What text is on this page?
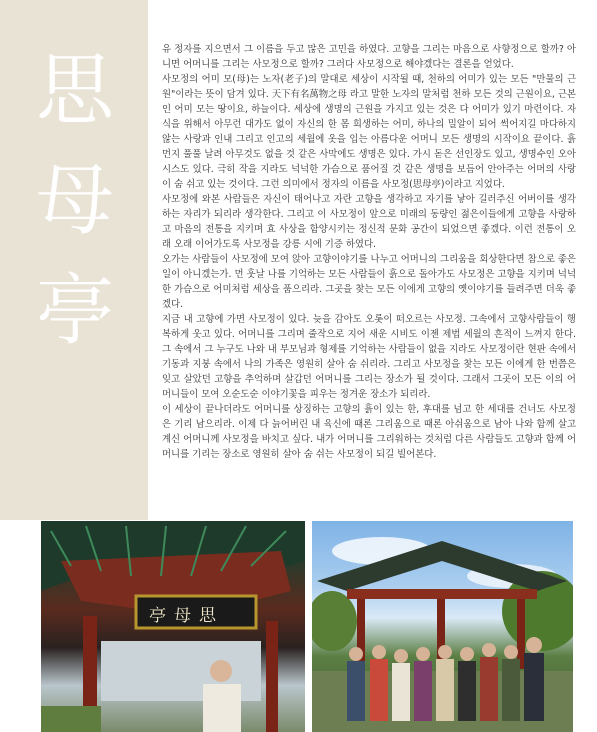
思
母
亭

유 정자를 지으면서 그 이름을 두고 많은 고민을 하였다. 고향을 그리는 마음으로 사향정으로 할까? 아니면 어머니를 그리는 사모정으로 할까? 그러다 사모정으로 해야겠다는 결론을 얻었다.

사모정의 어미 모(母)는 노자(老子)의 말대로 세상이 시작될 때, 천하의 어미가 있는 모든 "만물의 근원"이라는 뜻이 담겨 있다. 天下有名萬物之母 라고 말한 노자의 말처럼 천하 모든 것의 근원이요, 근본인 어미 모는 땅이요, 하늘이다. 세상에 생명의 근원을 가지고 있는 것은 다 어미가 있기 마련이다. 자식을 위해서 아무런 대가도 없이 자신의 한 몸 희생하는 어미, 하나의 밀알이 되어 썩어지길 마다하지 않는 사랑과 인내 그리고 인고의 세월에 옷을 입는 아름다운 어머니 모든 생명의 시작이요 끝이다. 흙먼지 풀풀 날려 아무것도 없을 것 같은 사막에도 생명은 있다. 가시 돋은 선인장도 있고, 생명수인 오아시스도 있다. 극히 작을 지라도 넉넉한 가슴으로 품어질 것 같은 생명을 보듬어 안아주는 어머의 사랑이 숨 쉬고 있는 것이다. 그런 의미에서 정자의 이름을 사모정(思母亭)이라고 지었다.

사모정에 와본 사람들은 자신이 태어나고 자란 고향을 생각하고 자기를 낳아 길러주신 어버이를 생각하는 자리가 되리라 생각한다. 그리고 이 사모정이 앞으로 미래의 동량인 젊은이들에게 고향을 사랑하고 마음의 전통을 지키며 효 사상을 함양시키는 정신적 문화 공간이 되었으면 좋겠다. 이런 전통이 오래 오래 이어가도록 사모정을 강릉 시에 기증 하였다.

오가는 사람들이 사모정에 모여 앉아 고향이야기를 나누고 어머니의 그리움을 회상한다면 참으로 좋은 일이 아니겠는가. 먼 훗날 나를 기억하는 모든 사람들이 흙으로 돌아가도 사모정은 고향을 지키며 넉넉한 가슴으로 어미처럼 세상을 품으리라. 그곳을 찾는 모든 이에게 고향의 옛이야기를 들려주면 더욱 좋겠다.

지금 내 고향에 가면 사모정이 있다. 늦을 감아도 오롯이 떠오르는 사모정. 그속에서 고향사람들이 행복하게 웃고 있다. 어머니를 그리며 줄작으로 지어 새운 시비도 이젠 제법 세월의 흔적이 느껴지 한다. 그 속에서 그 누구도 나와 내 부모님과 형제를 기억하는 사람들이 없을 지라도 사모정이란 현판 속에서 기동과 지붕 속에서 나의 가족은 영원히 살아 숨 쉬리라. 그리고 사모정을 찾는 모든 이에게 한 번쯤은 잊고 살았던 고향을 추억하며 살갑던 어머니를 그리는 장소가 될 것이다. 그래서 그곳이 모든 이의 어머니들이 모여 오순도순 이야기꽃을 피우는 정겨운 장소가 되리라.

이 세상이 끝나더라도 어머니를 상징하는 고향의 흙이 있는 한, 후대를 넘고 한 세대를 건너도 사모정은 기리 남으리라. 이제 다 늙어버린 내 육신에 때론 그리움으로 때론 아쉬움으로 남아 나와 함께 살고 계신 어머니께 사모정을 바치고 싶다. 내가 어머니를 그리워하는 것처럼 다른 사람들도 고향과 함께 어머니를 기리는 장소로 영원히 살아 숨 쉬는 사모정이 되길 빌어본다.

亭母思
